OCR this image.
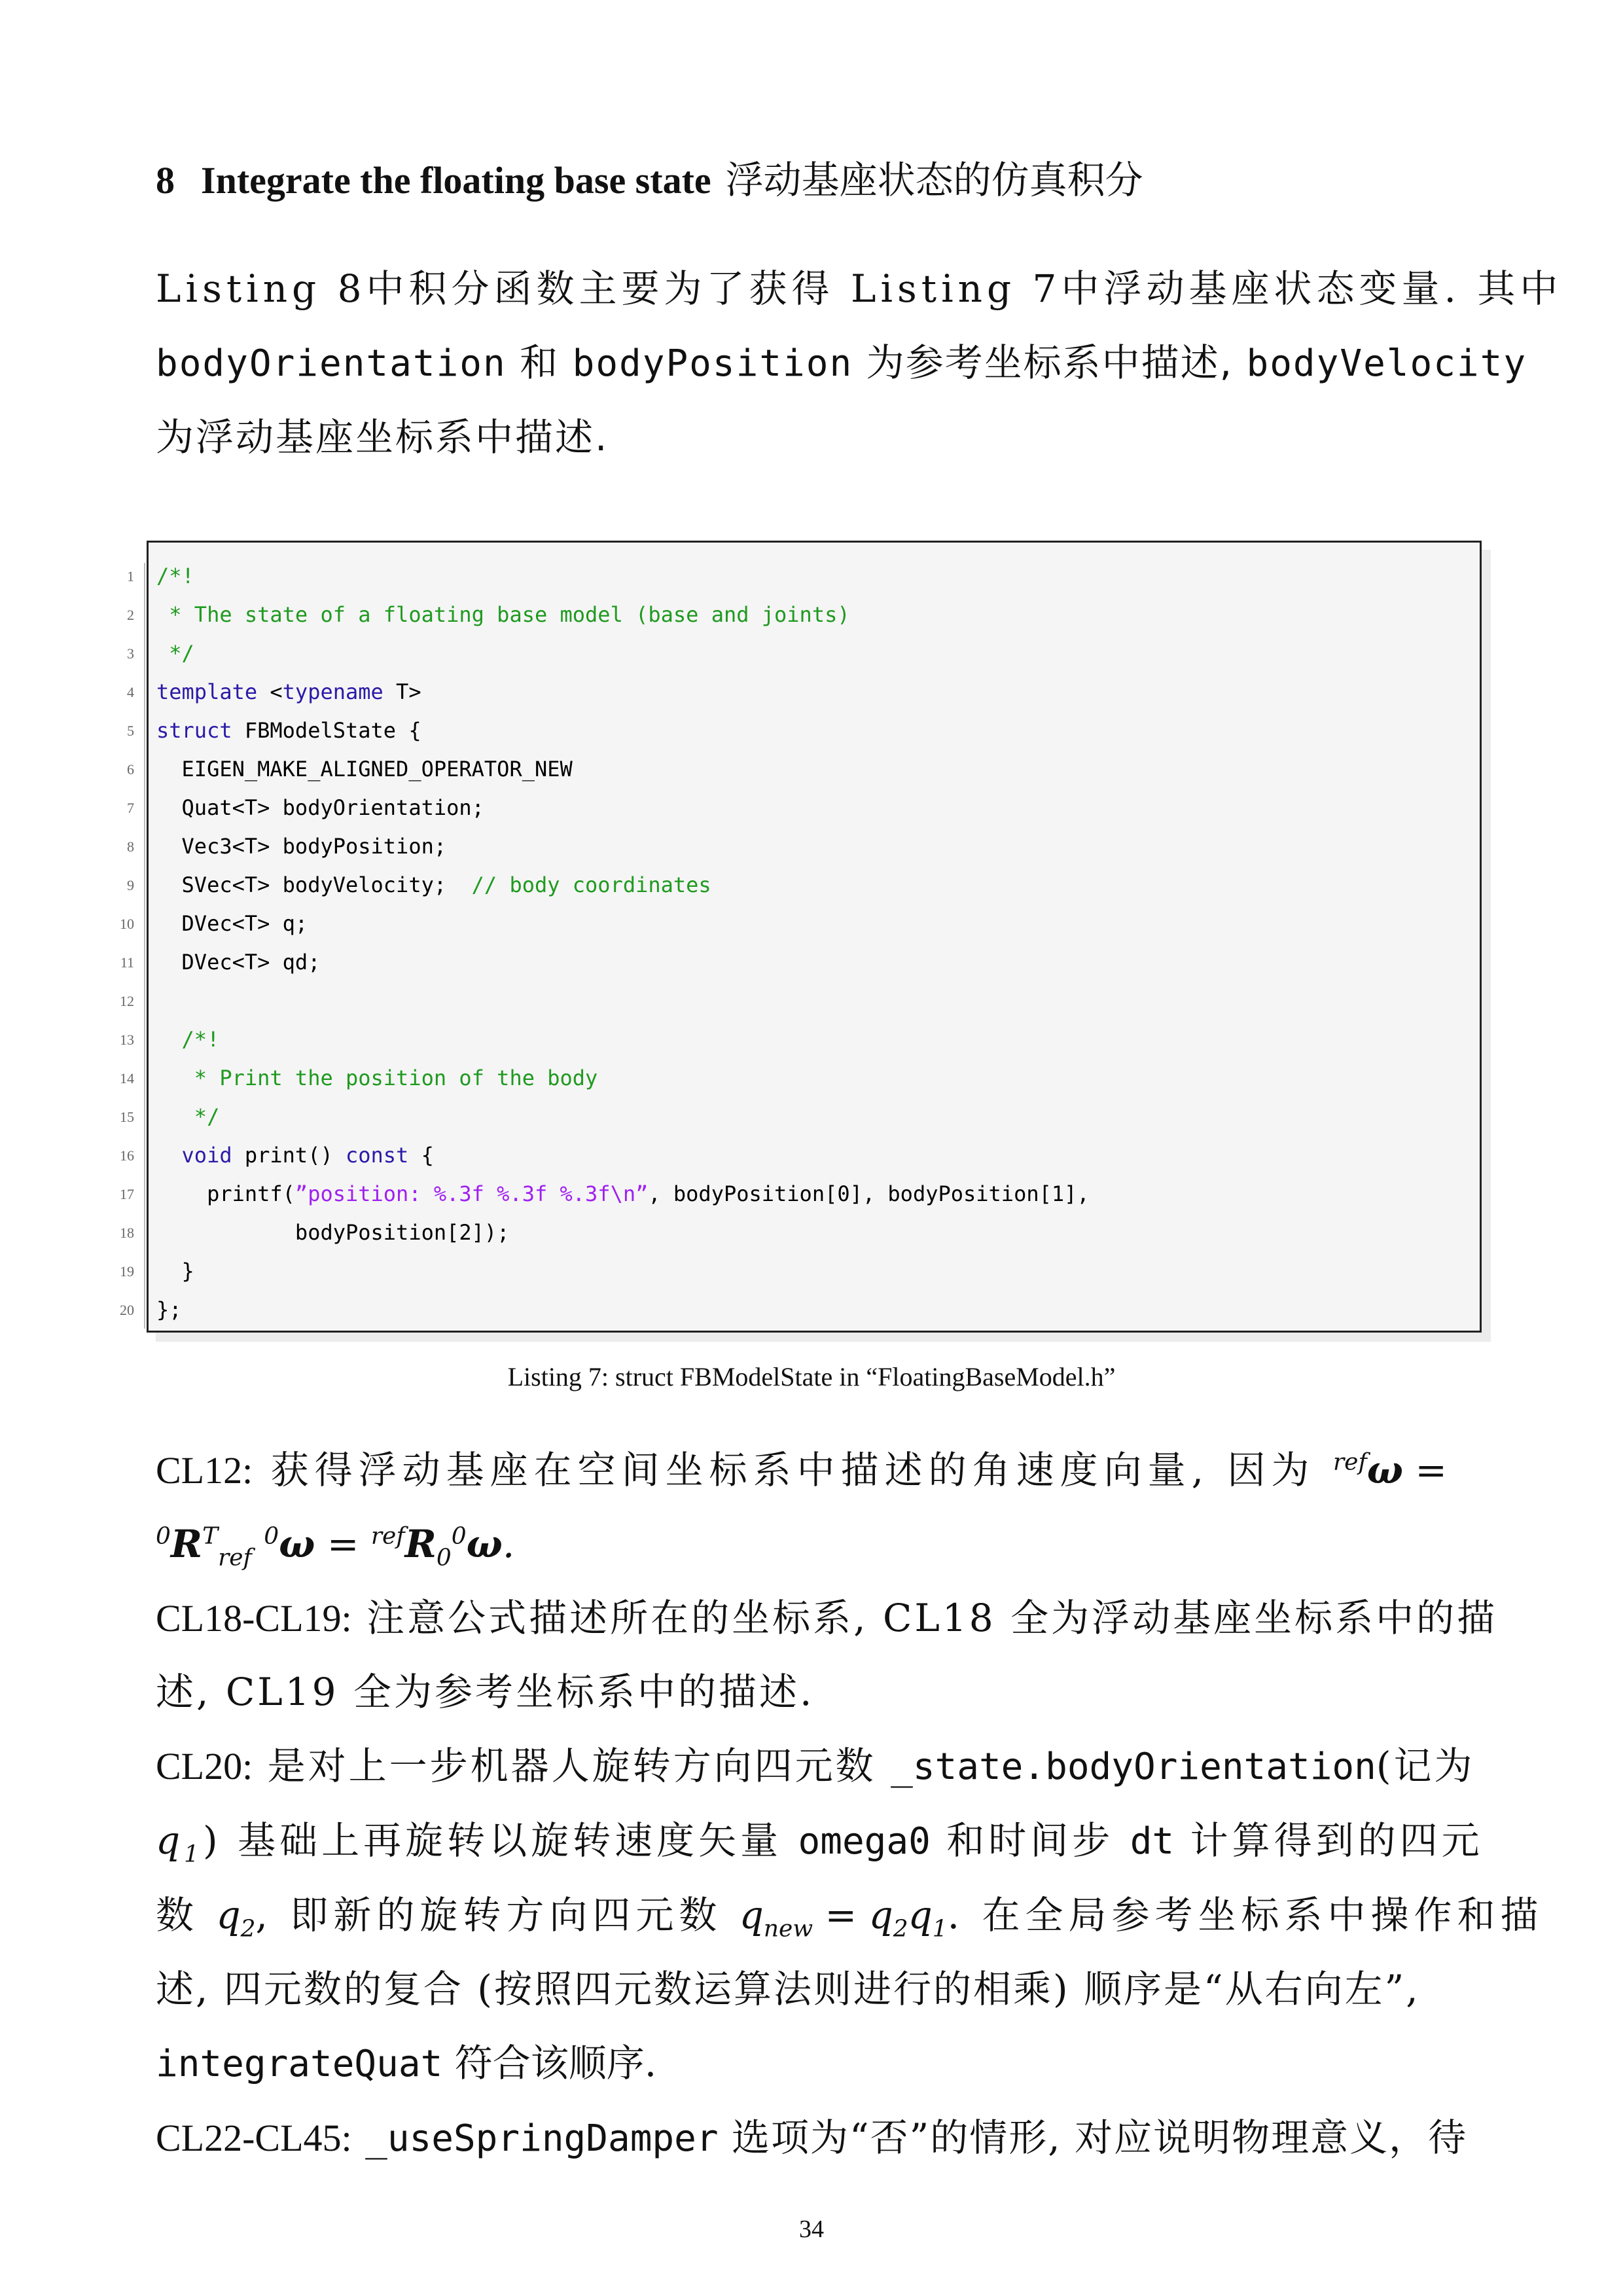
8 Integrate the floating base state 浮动基座状态的仿真积分
Listing 8中积分函数主要为了获得 Listing 7中浮动基座状态变量. 其中
bodyOrientation 和 bodyPosition 为参考坐标系中描述, bodyVelocity
为浮动基座坐标系中描述.
1 /*!
2 * The state of a floating base model (base and joints)
3 */
4 template <typename T>
5 struct FBModelState {
6 EIGEN_MAKE_ALIGNED_OPERATOR_NEW
7 Quat<T> bodyOrientation;
8 Vec3<T> bodyPosition;
9 SVec<T> bodyVelocity;  // body coordinates
10 DVec<T> q;
11 DVec<T> qd;
12
13 /*!
14 * Print the position of the body
15 */
16	void print() const {
17 printf(”position: %.3f %.3f %.3f\n”, bodyPosition[0], bodyPosition[1],
18 bodyPosition[2]);
19 }
20 };
Listing 7: struct FBModelState in “FloatingBaseModel.h”
CL12: 获得浮动基座在空间坐标系中描述的角速度向量, 因为 $^{ref}$ω =
$^0R^T_{ref}$ $^0\omega = ^{ref}R_0^0\omega$.
CL18-CL19: 注意公式描述所在的坐标系, CL18 全为浮动基座坐标系中的描
述, CL19 全为参考坐标系中的描述.
CL20: 是对上一步机器人旋转方向四元数 _state.bodyOrientation(记为
$q_1$) 基础上再旋转以旋转速度矢量 omega0 和时间步 dt 计算得到的四元
数 $q_2$, 即新的旋转方向四元数 $q_{new} = q_2q_1$. 在全局参考坐标系中操作和描
述, 四元数的复合 (按照四元数运算法则进行的相乘) 顺序是“从右向左”,
integrateQuat 符合该顺序.
CL22-CL45: _useSpringDamper 选项为“否”的情形, 对应说明物理意义，待
34
